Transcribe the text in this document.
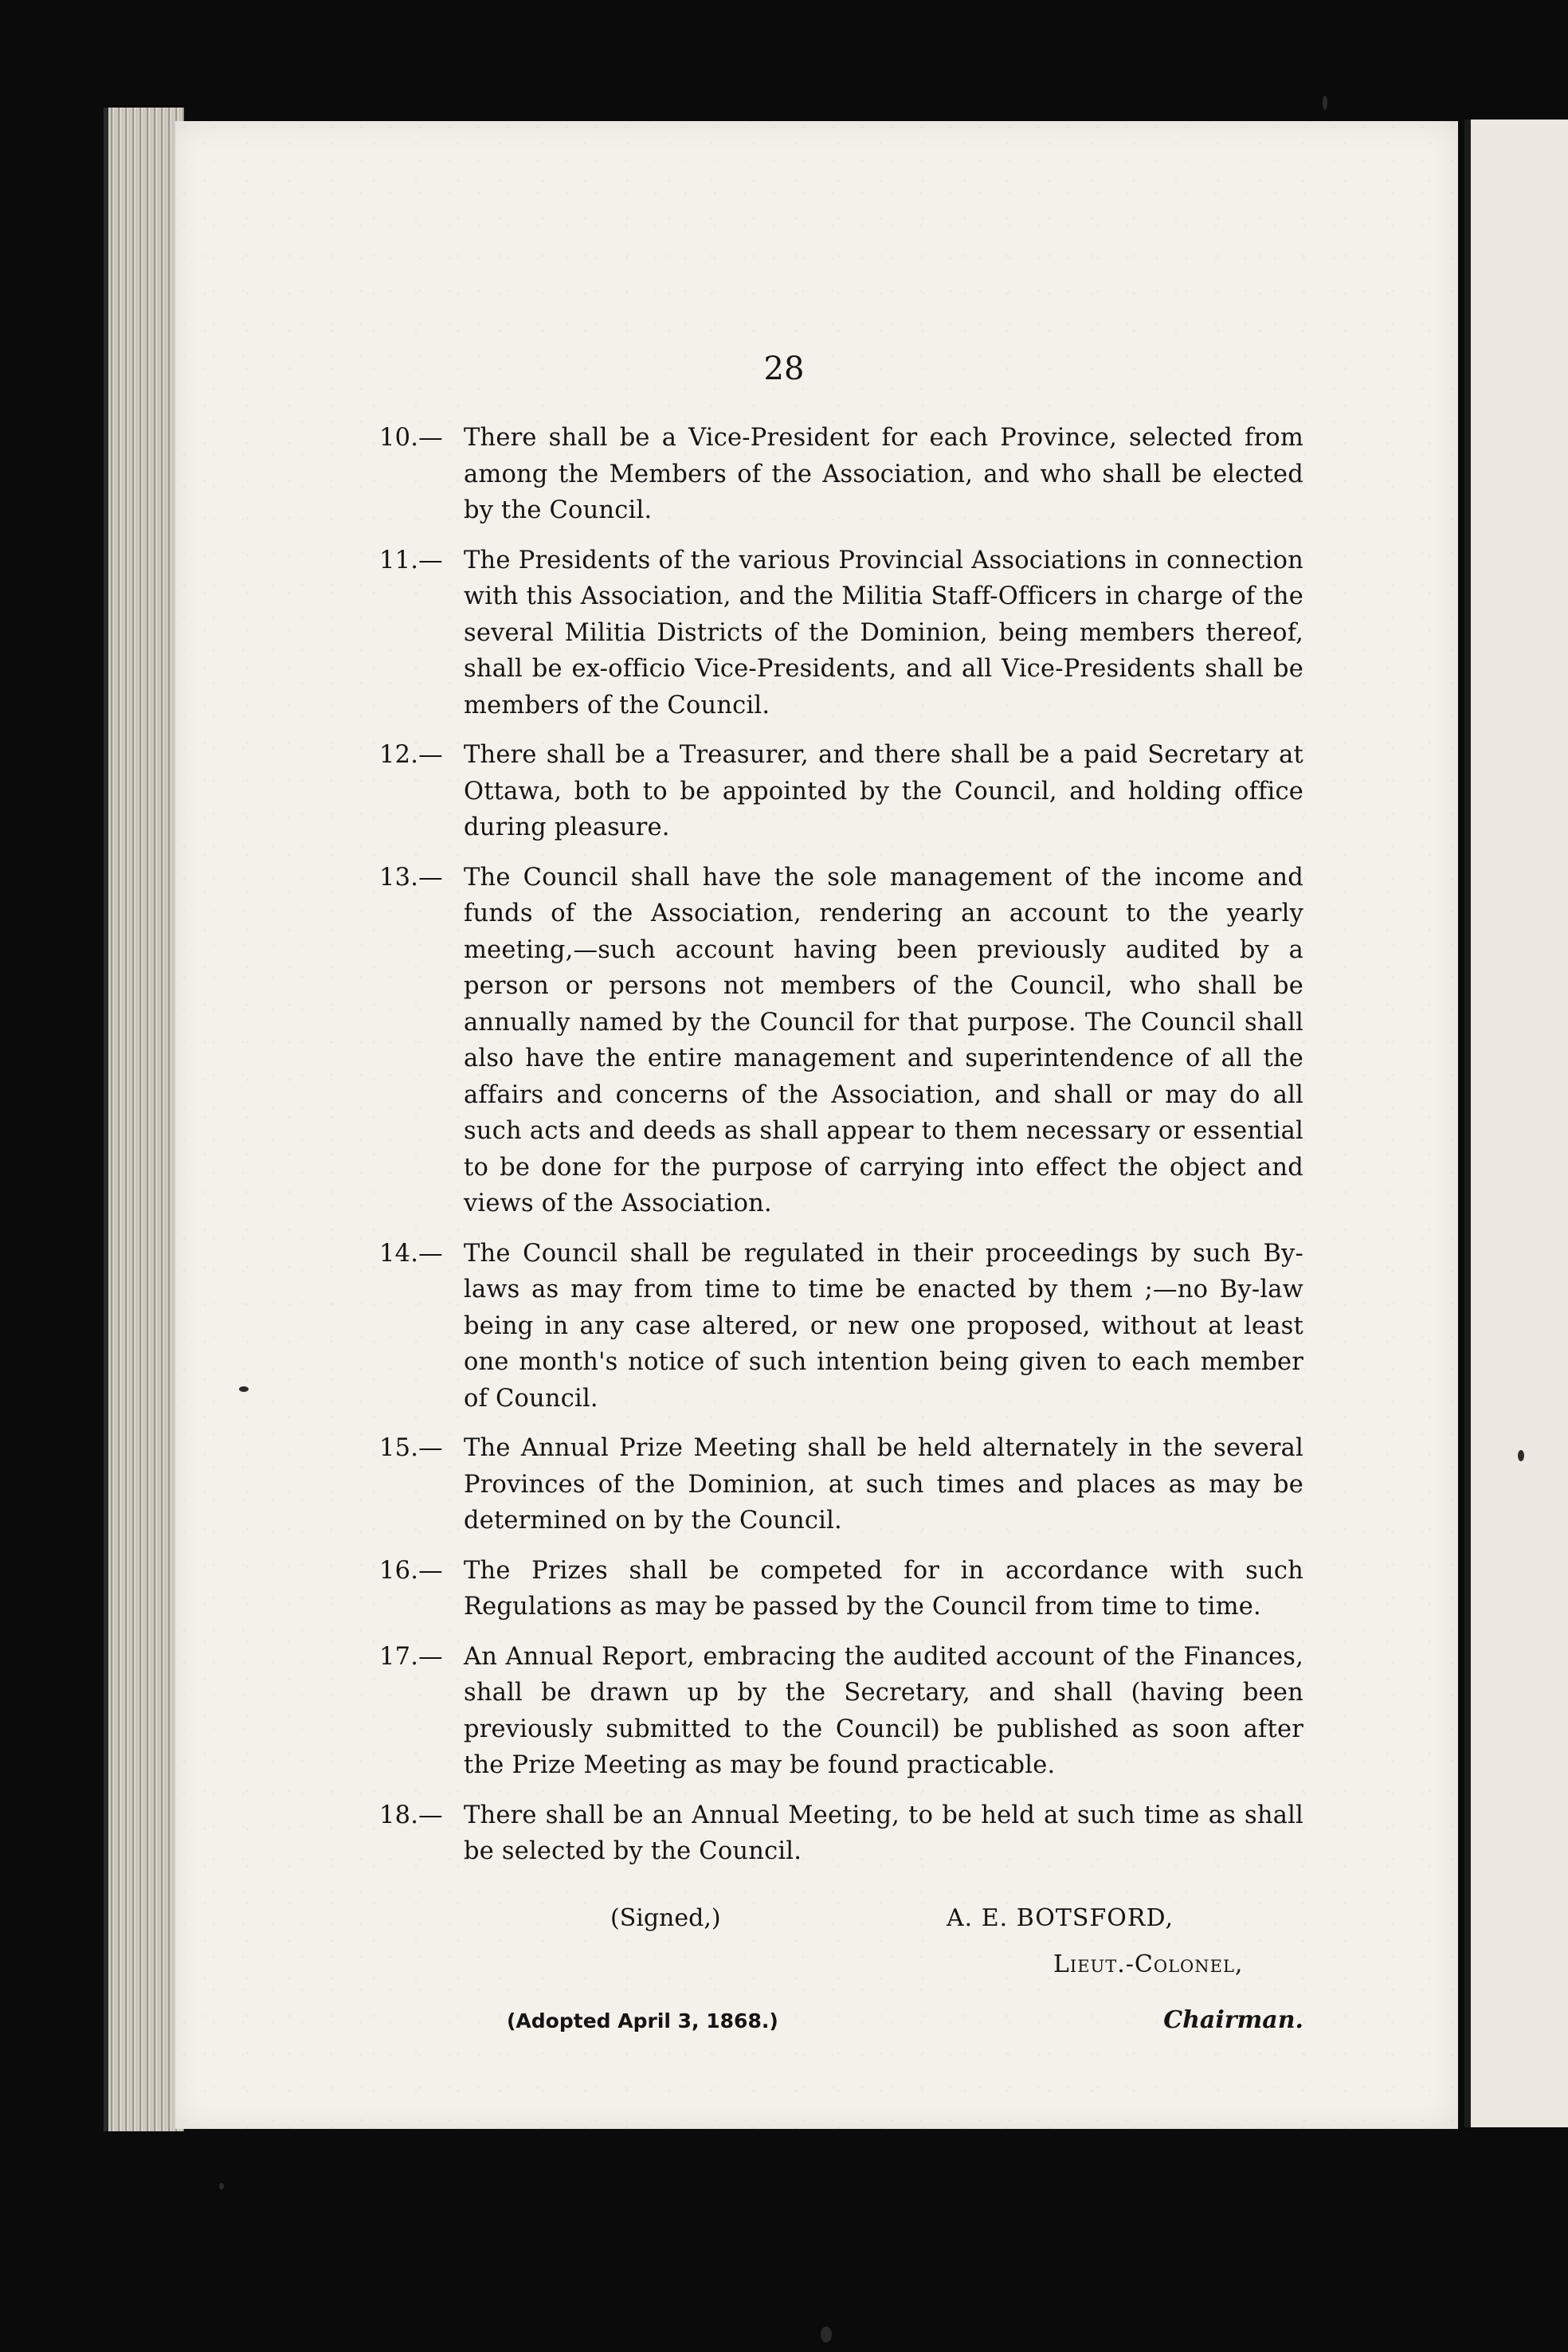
28
10.— There shall be a Vice-President for each Province, selected from among the Members of the Association, and who shall be elected by the Council.
11.— The Presidents of the various Provincial Associations in connection with this Association, and the Militia Staff-Officers in charge of the several Militia Districts of the Dominion, being members thereof, shall be ex-officio Vice-Presidents, and all Vice-Presidents shall be members of the Council.
12.— There shall be a Treasurer, and there shall be a paid Secretary at Ottawa, both to be appointed by the Council, and holding office during pleasure.
13.— The Council shall have the sole management of the income and funds of the Association, rendering an account to the yearly meeting,—such account having been previously audited by a person or persons not members of the Council, who shall be annually named by the Council for that purpose. The Council shall also have the entire management and superintendence of all the affairs and concerns of the Association, and shall or may do all such acts and deeds as shall appear to them necessary or essential to be done for the purpose of carrying into effect the object and views of the Association.
14.— The Council shall be regulated in their proceedings by such By-laws as may from time to time be enacted by them ;—no By-law being in any case altered, or new one proposed, without at least one month's notice of such intention being given to each member of Council.
15.— The Annual Prize Meeting shall be held alternately in the several Provinces of the Dominion, at such times and places as may be determined on by the Council.
16.— The Prizes shall be competed for in accordance with such Regulations as may be passed by the Council from time to time.
17.— An Annual Report, embracing the audited account of the Finances, shall be drawn up by the Secretary, and shall (having been previously submitted to the Council) be published as soon after the Prize Meeting as may be found practicable.
18.— There shall be an Annual Meeting, to be held at such time as shall be selected by the Council.
(Signed,)	A. E. BOTSFORD,
Lieut.-Colonel,
(Adopted April 3, 1868.)	Chairman.
